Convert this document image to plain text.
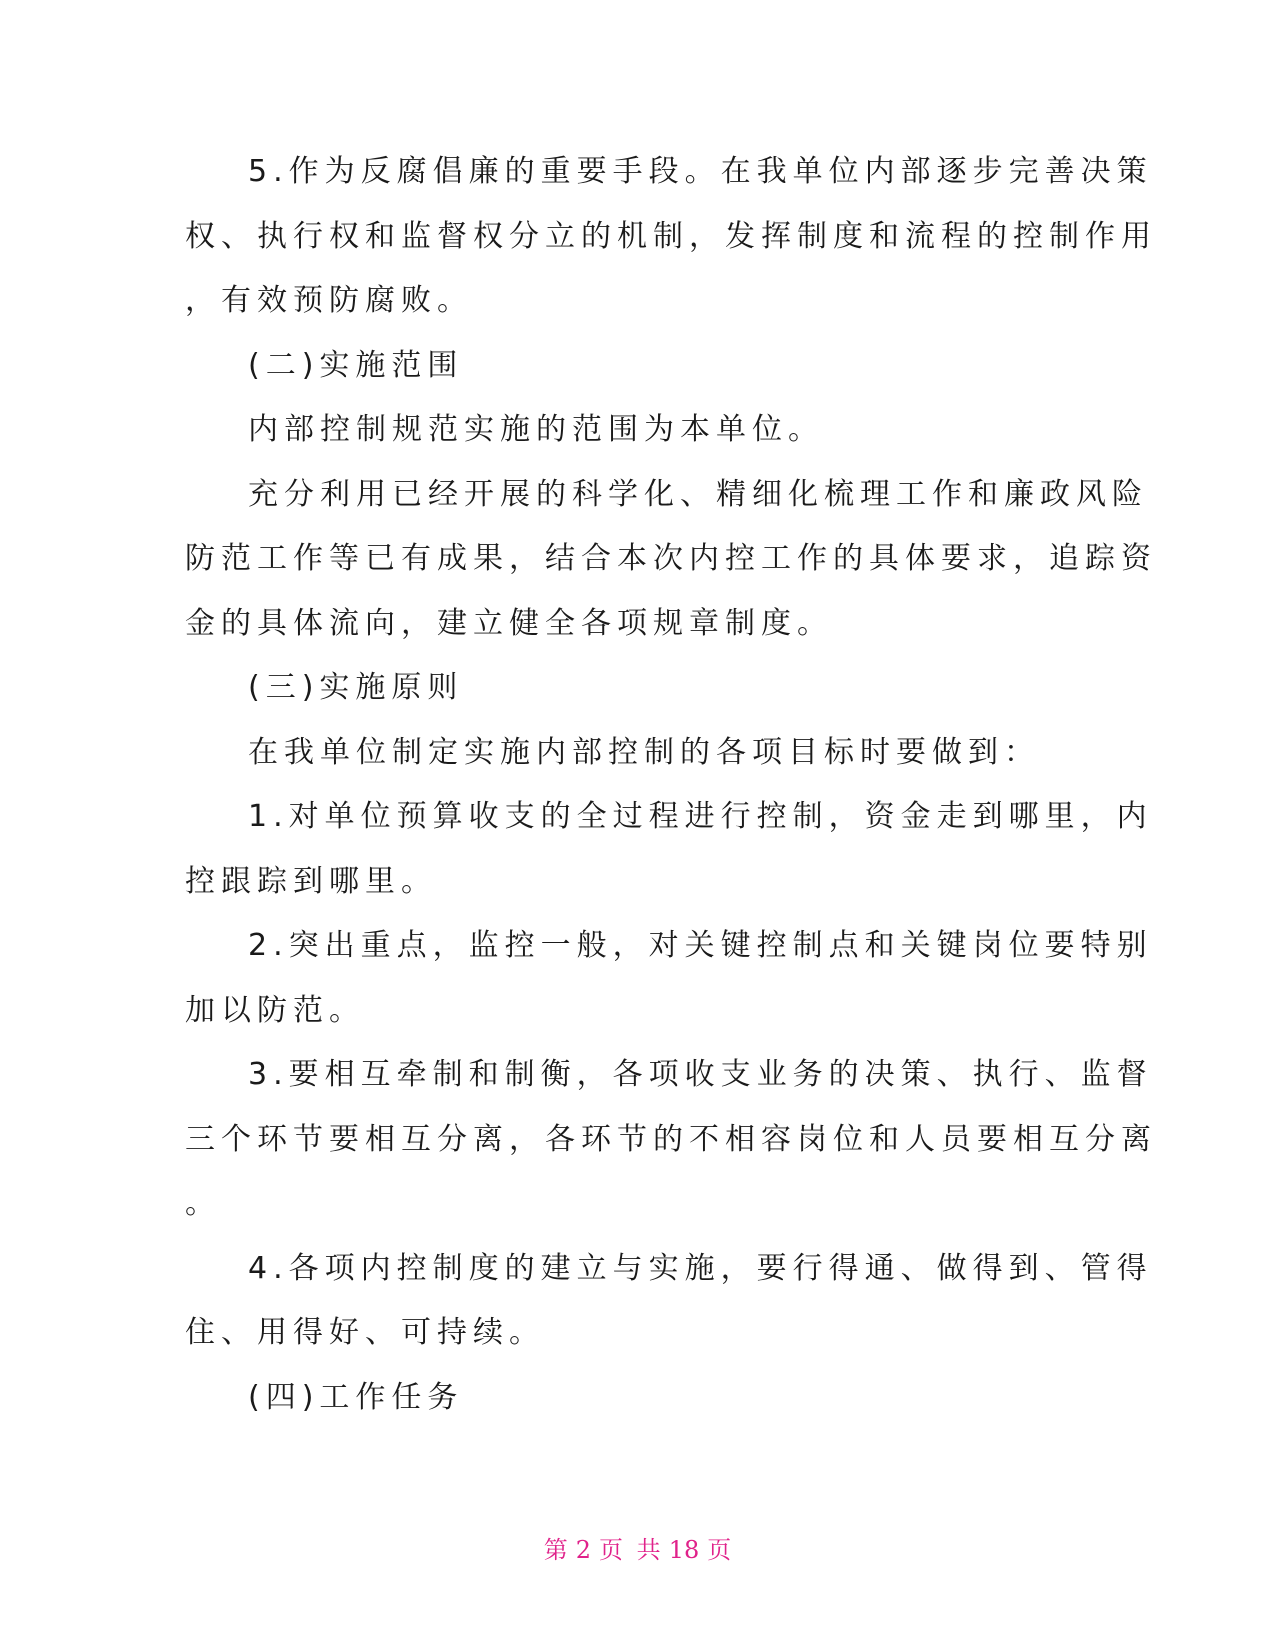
5.作为反腐倡廉的重要手段。在我单位内部逐步完善决策
权、执行权和监督权分立的机制，发挥制度和流程的控制作用
，有效预防腐败。
(二)实施范围
内部控制规范实施的范围为本单位。
充分利用已经开展的科学化、精细化梳理工作和廉政风险
防范工作等已有成果，结合本次内控工作的具体要求，追踪资
金的具体流向，建立健全各项规章制度。
(三)实施原则
在我单位制定实施内部控制的各项目标时要做到：
1.对单位预算收支的全过程进行控制，资金走到哪里，内
控跟踪到哪里。
2.突出重点，监控一般，对关键控制点和关键岗位要特别
加以防范。
3.要相互牵制和制衡，各项收支业务的决策、执行、监督
三个环节要相互分离，各环节的不相容岗位和人员要相互分离
。
4.各项内控制度的建立与实施，要行得通、做得到、管得
住、用得好、可持续。
(四)工作任务
第 2 页 共 18 页
